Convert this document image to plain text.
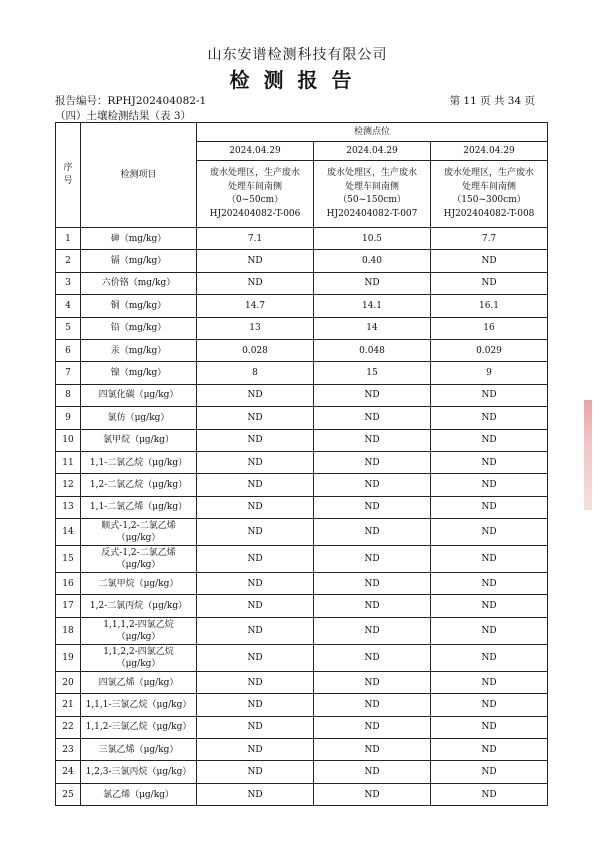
山东安谱检测科技有限公司
检测报告
报告编号：RPHJ202404082-1	第 11 页 共 34 页
（四）土壤检测结果（表 3）
序号	检测项目	检测点位		
		2024.04.29	2024.04.29	2024.04.29

		废水处理区，生产废水
处理车间南侧
（0~50cm）
HJ202404082-T-006	废水处理区，生产废水
处理车间南侧
（50~150cm）
HJ202404082-T-007	废水处理区，生产废水
处理车间南侧
（150~300cm）
HJ202404082-T-008

1	砷（mg/kg）	7.1	10.5	7.7
2	镉（mg/kg）	ND	0.40	ND
3	六价铬（mg/kg）	ND	ND	ND
4	铜（mg/kg）	14.7	14.1	16.1
5	铅（mg/kg）	13	14	16
6	汞（mg/kg）	0.028	0.048	0.029
7	镍（mg/kg）	8	15	9
8	四氯化碳（μg/kg）	ND	ND	ND
9	氯仿（μg/kg）	ND	ND	ND
10	氯甲烷（μg/kg）	ND	ND	ND
11	1,1-二氯乙烷（μg/kg）	ND	ND	ND
12	1,2-二氯乙烷（μg/kg）	ND	ND	ND
13	1,1-二氯乙烯（μg/kg）	ND	ND	ND
14	顺式-1,2-二氯乙烯
（μg/kg）	ND	ND	ND
15	反式-1,2-二氯乙烯
（μg/kg）	ND	ND	ND
16	二氯甲烷（μg/kg）	ND	ND	ND
17	1,2-二氯丙烷（μg/kg）	ND	ND	ND
18	1,1,1,2-四氯乙烷
（μg/kg）	ND	ND	ND
19	1,1,2,2-四氯乙烷
（μg/kg）	ND	ND	ND
20	四氯乙烯（μg/kg）	ND	ND	ND
21	1,1,1-三氯乙烷（μg/kg）	ND	ND	ND
22	1,1,2-三氯乙烷（μg/kg）	ND	ND	ND
23	三氯乙烯（μg/kg）	ND	ND	ND
24	1,2,3-三氯丙烷（μg/kg）	ND	ND	ND
25	氯乙烯（μg/kg）	ND	ND	ND
